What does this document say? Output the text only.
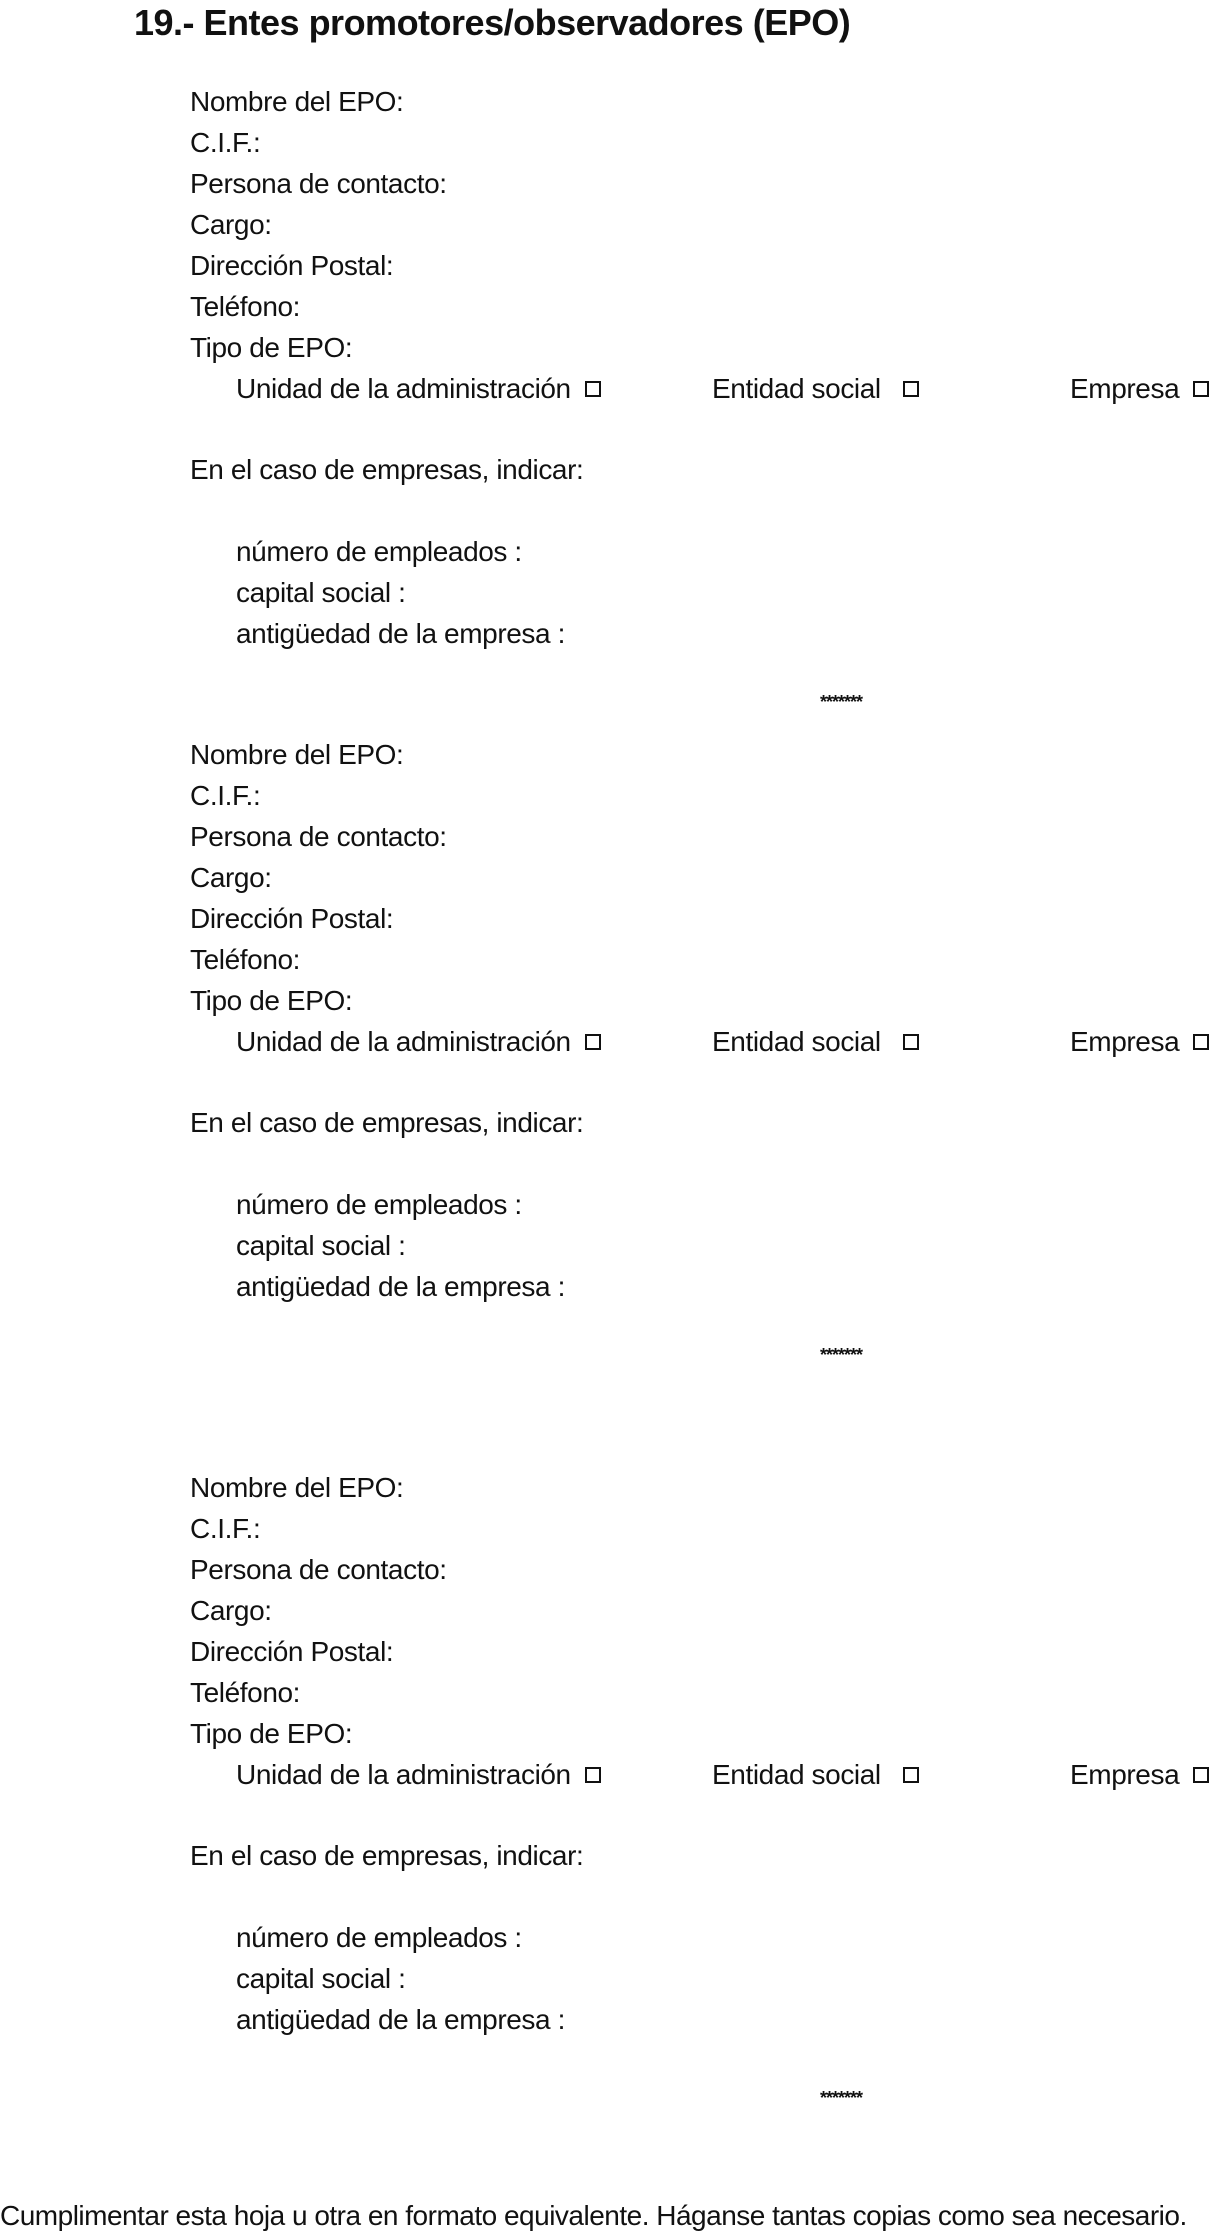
19.- Entes promotores/observadores (EPO)
Nombre del EPO:
C.I.F.:
Persona de contacto:
Cargo:
Dirección Postal:
Teléfono:
Tipo de EPO:
Unidad de la administración	Entidad social	Empresa
En el caso de empresas, indicar:
número de empleados :
capital social :
antigüedad de la empresa :
*******
Nombre del EPO:
C.I.F.:
Persona de contacto:
Cargo:
Dirección Postal:
Teléfono:
Tipo de EPO:
Unidad de la administración	Entidad social	Empresa
En el caso de empresas, indicar:
número de empleados :
capital social :
antigüedad de la empresa :
*******
Nombre del EPO:
C.I.F.:
Persona de contacto:
Cargo:
Dirección Postal:
Teléfono:
Tipo de EPO:
Unidad de la administración	Entidad social	Empresa
En el caso de empresas, indicar:
número de empleados :
capital social :
antigüedad de la empresa :
*******
Cumplimentar esta hoja u otra en formato equivalente. Háganse tantas copias como sea necesario.
